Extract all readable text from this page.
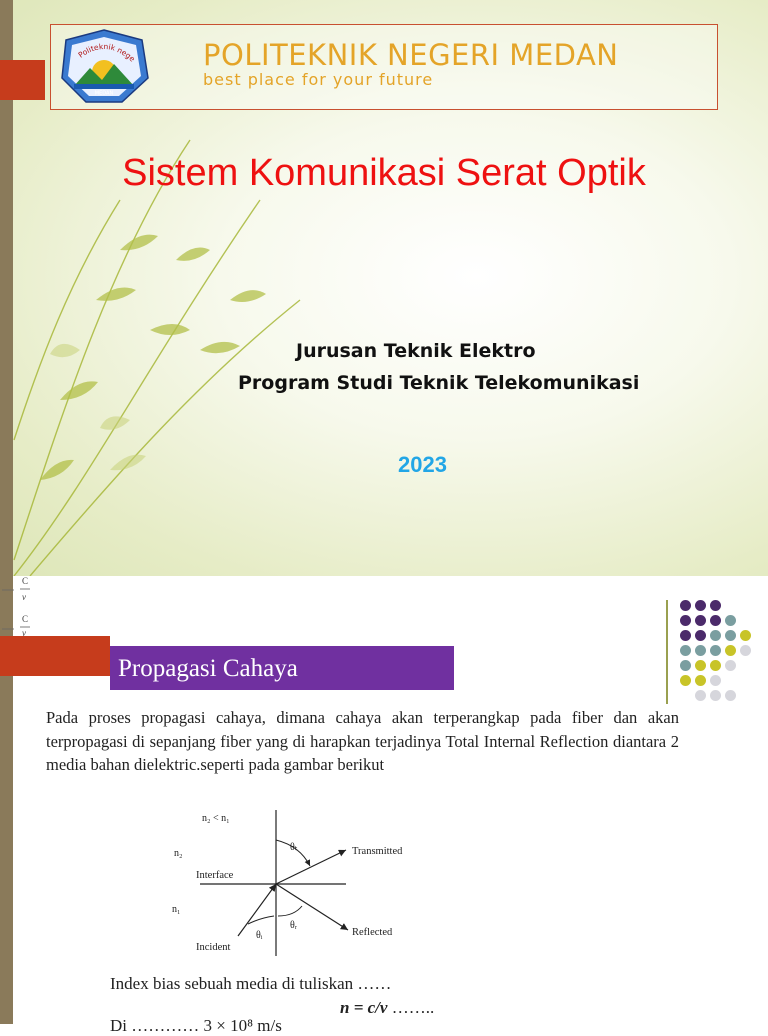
Politeknik nege
MEDAN
POLITEKNIK NEGERI MEDAN
best place for your future
Sistem Komunikasi Serat Optik
Jurusan Teknik Elektro
Program Studi Teknik Telekomunikasi
2023
C
v
C
v
Propagasi Cahaya
Pada proses propagasi cahaya, dimana cahaya akan terperangkap pada fiber dan akan terpropagasi di sepanjang fiber yang di harapkan terjadinya Total Internal Reflection diantara 2 media bahan dielektric.seperti pada gambar berikut
n₂ < n₁
n₂
Interface
n₁
Transmitted
Reflected
Incident
θₜ
θᵢ
θᵣ
Index bias sebuah media di tuliskan ……
n = c/v ……..
Di ………… 3 × 10⁸ m/s
